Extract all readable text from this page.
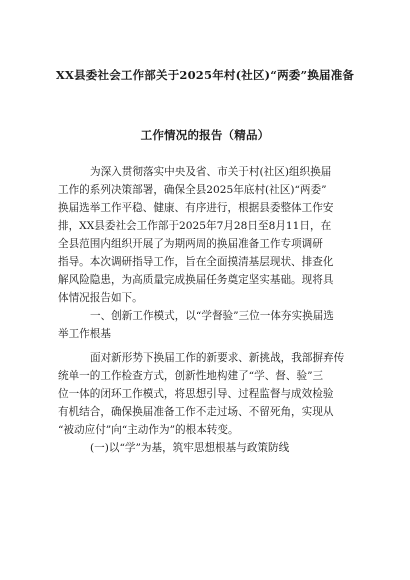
XX县委社会工作部关于2025年村(社区)“两委”换届准备
工作情况的报告（精品）
为深入贯彻落实中央及省、市关于村(社区)组织换届
工作的系列决策部署，确保全县2025年底村(社区)“两委”
换届选举工作平稳、健康、有序进行，根据县委整体工作安
排，XX县委社会工作部于2025年7月28日至8月11日，在
全县范围内组织开展了为期两周的换届准备工作专项调研
指导。本次调研指导工作，旨在全面摸清基层现状、排查化
解风险隐患，为高质量完成换届任务奠定坚实基础。现将具
体情况报告如下。
一、创新工作模式，以“学督验”三位一体夯实换届选
举工作根基
面对新形势下换届工作的新要求、新挑战，我部摒弃传
统单一的工作检查方式，创新性地构建了“学、督、验”三
位一体的闭环工作模式，将思想引导、过程监督与成效检验
有机结合，确保换届准备工作不走过场、不留死角，实现从
“被动应付”向“主动作为”的根本转变。
(一)以“学”为基，筑牢思想根基与政策防线
